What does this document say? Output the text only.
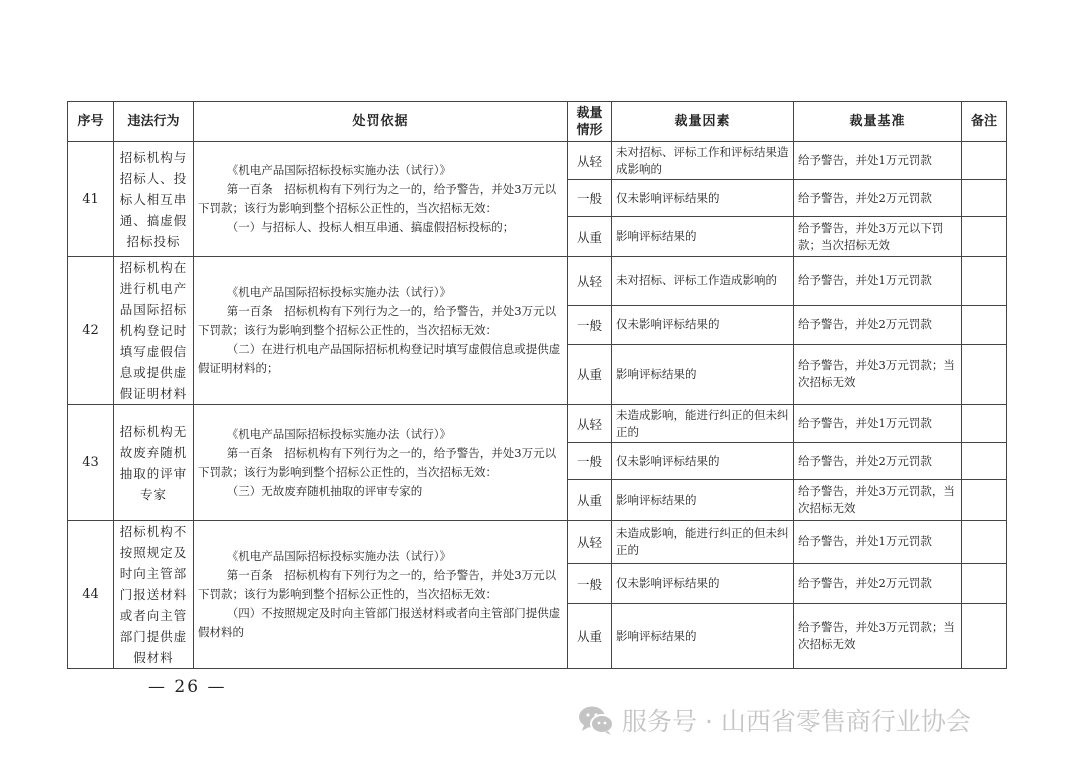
序号	违法行为	处罚依据	裁量情形	裁量因素	裁量基准	备注
41	招标机构与招标人、投标人相互串通、搞虚假招标投标	《机电产品国际招标投标实施办法（试行）》
第一百条　招标机构有下列行为之一的，给予警告，并处3万元以下罚款；该行为影响到整个招标公正性的，当次招标无效：
（一）与招标人、投标人相互串通、搞虚假招标投标的；	从轻	未对招标、评标工作和评标结果造成影响的	给予警告，并处1万元罚款	
			一般	仅未影响评标结果的	给予警告，并处2万元罚款	
			从重	影响评标结果的	给予警告，并处3万元以下罚款；当次招标无效	
42	招标机构在进行机电产品国际招标机构登记时填写虚假信息或提供虚假证明材料	《机电产品国际招标投标实施办法（试行）》
第一百条　招标机构有下列行为之一的，给予警告，并处3万元以下罚款；该行为影响到整个招标公正性的，当次招标无效：
（二）在进行机电产品国际招标机构登记时填写虚假信息或提供虚假证明材料的；	从轻	未对招标、评标工作造成影响的	给予警告，并处1万元罚款	
			一般	仅未影响评标结果的	给予警告，并处2万元罚款	
			从重	影响评标结果的	给予警告，并处3万元罚款；当次招标无效	
43	招标机构无故废弃随机抽取的评审专家	《机电产品国际招标投标实施办法（试行）》
第一百条　招标机构有下列行为之一的，给予警告，并处3万元以下罚款；该行为影响到整个招标公正性的，当次招标无效：
（三）无故废弃随机抽取的评审专家的	从轻	未造成影响，能进行纠正的但未纠正的	给予警告，并处1万元罚款	
			一般	仅未影响评标结果的	给予警告，并处2万元罚款	
			从重	影响评标结果的	给予警告，并处3万元罚款，当次招标无效	
44	招标机构不按照规定及时向主管部门报送材料或者向主管部门提供虚假材料	《机电产品国际招标投标实施办法（试行）》
第一百条　招标机构有下列行为之一的，给予警告，并处3万元以下罚款；该行为影响到整个招标公正性的，当次招标无效：
（四）不按照规定及时向主管部门报送材料或者向主管部门提供虚假材料的	从轻	未造成影响，能进行纠正的但未纠正的	给予警告，并处1万元罚款	
			一般	仅未影响评标结果的	给予警告，并处2万元罚款	
			从重	影响评标结果的	给予警告，并处3万元罚款；当次招标无效	
— 26 —
服务号 · 山西省零售商行业协会
